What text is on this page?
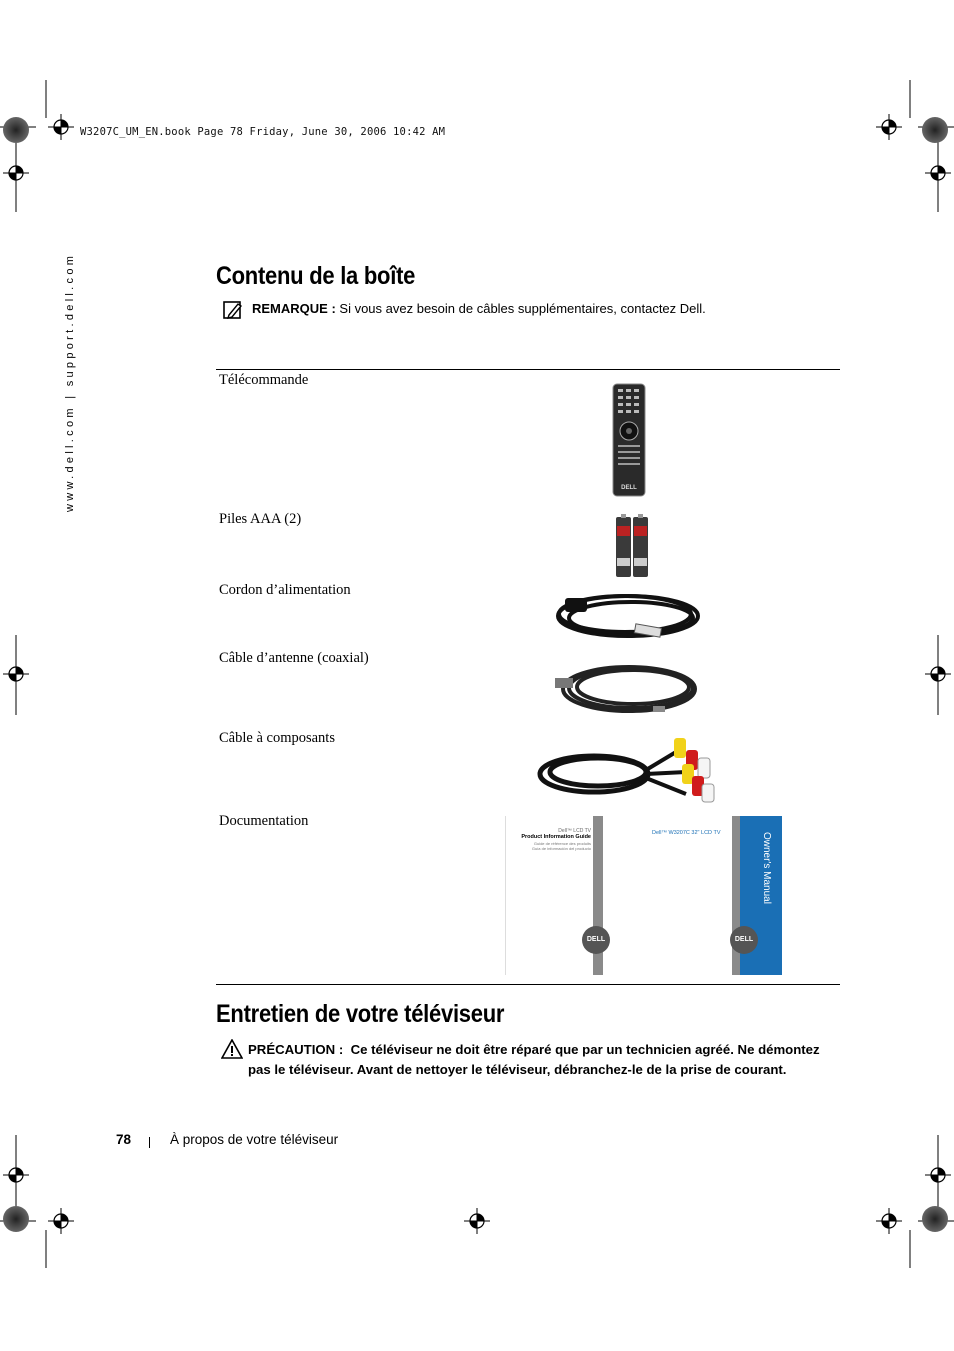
W3207C_UM_EN.book Page 78 Friday, June 30, 2006 10:42 AM
www.dell.com | support.dell.com	Contenu de la boîte
REMARQUE : Si vous avez besoin de câbles supplémentaires, contactez Dell.
Télécommande
Piles AAA (2)
Cordon d’alimentation
Câble d’antenne (coaxial)
Câble à composants
Documentation
DELL
Dell™ LCD TV
Product Information Guide
Guide de référence des produits
Guía de información del producto
DELL
Dell™ W3207C 32" LCD TV	Owner's Manual
DELL
Entretien de votre téléviseur
PRÉCAUTION : Ce téléviseur ne doit être réparé que par un technicien agréé. Ne démontez pas le téléviseur. Avant de nettoyer le téléviseur, débranchez-le de la prise de courant.
78	À propos de votre téléviseur
